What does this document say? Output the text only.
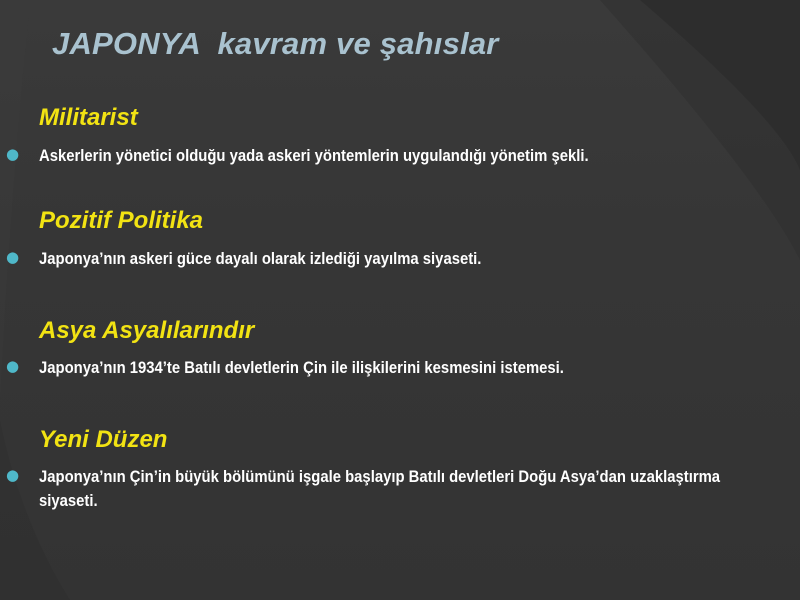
JAPONYA  kavram ve şahıslar
Militarist
● Askerlerin yönetici olduğu yada askeri yöntemlerin uygulandığı yönetim şekli.

Pozitif Politika
● Japonya’nın askeri güce dayalı olarak izlediği yayılma siyaseti.

Asya Asyalılarındır
● Japonya’nın 1934’te Batılı devletlerin Çin ile ilişkilerini kesmesini istemesi.

Yeni Düzen
● Japonya’nın Çin’in büyük bölümünü işgale başlayıp Batılı devletleri Doğu Asya’dan uzaklaştırma siyaseti.
